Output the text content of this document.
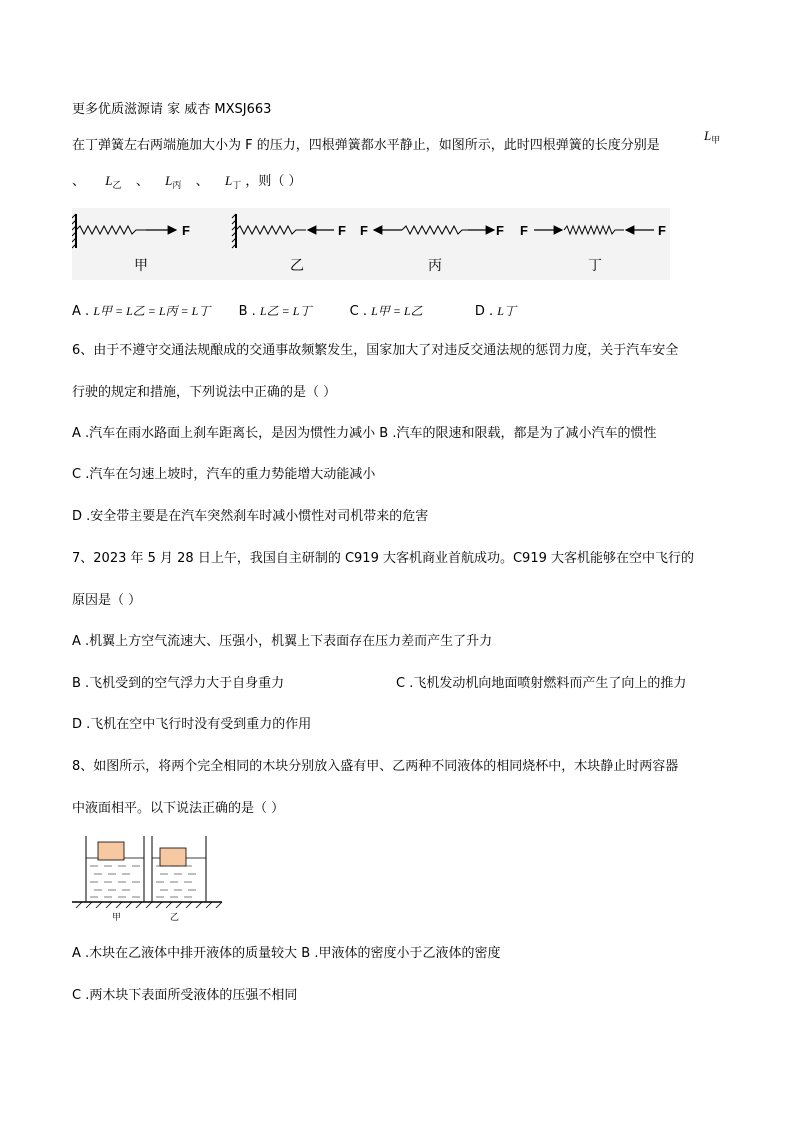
更多优质滋源请 家 威杏 MXSJ663
在丁弹簧左右两端施加大小为 F 的压力，四根弹簧都水平静止，如图所示，此时四根弹簧的长度分别是
$L_甲$
、 $L_乙$ 、 $L_丙$ 、 $L_丁$ ，则（ ）
F
甲
F
乙
F	F
丙
F	F
丁
A . L甲 = L乙 = L丙 = L丁 B . L乙 = L丁	C . L甲 = L乙	D . L丁
6、由于不遵守交通法规酿成的交通事故频繁发生，国家加大了对违反交通法规的惩罚力度，关于汽车安全
行驶的规定和措施，下列说法中正确的是（ ）
A .汽车在雨水路面上刹车距离长，是因为惯性力减小 B .汽车的限速和限载，都是为了减小汽车的惯性
C .汽车在匀速上坡时，汽车的重力势能增大动能减小
D .安全带主要是在汽车突然刹车时减小惯性对司机带来的危害
7、2023 年 5 月 28 日上午，我国自主研制的 C919 大客机商业首航成功。C919 大客机能够在空中飞行的
原因是（ ）
A .机翼上方空气流速大、压强小，机翼上下表面存在压力差而产生了升力
B .飞机受到的空气浮力大于自身重力	C .飞机发动机向地面喷射燃料而产生了向上的推力
D .飞机在空中飞行时没有受到重力的作用
8、如图所示，将两个完全相同的木块分别放入盛有甲、乙两种不同液体的相同烧杯中，木块静止时两容器
中液面相平。以下说法正确的是（ ）
甲	乙
A .木块在乙液体中排开液体的质量较大 B .甲液体的密度小于乙液体的密度
C .两木块下表面所受液体的压强不相同
